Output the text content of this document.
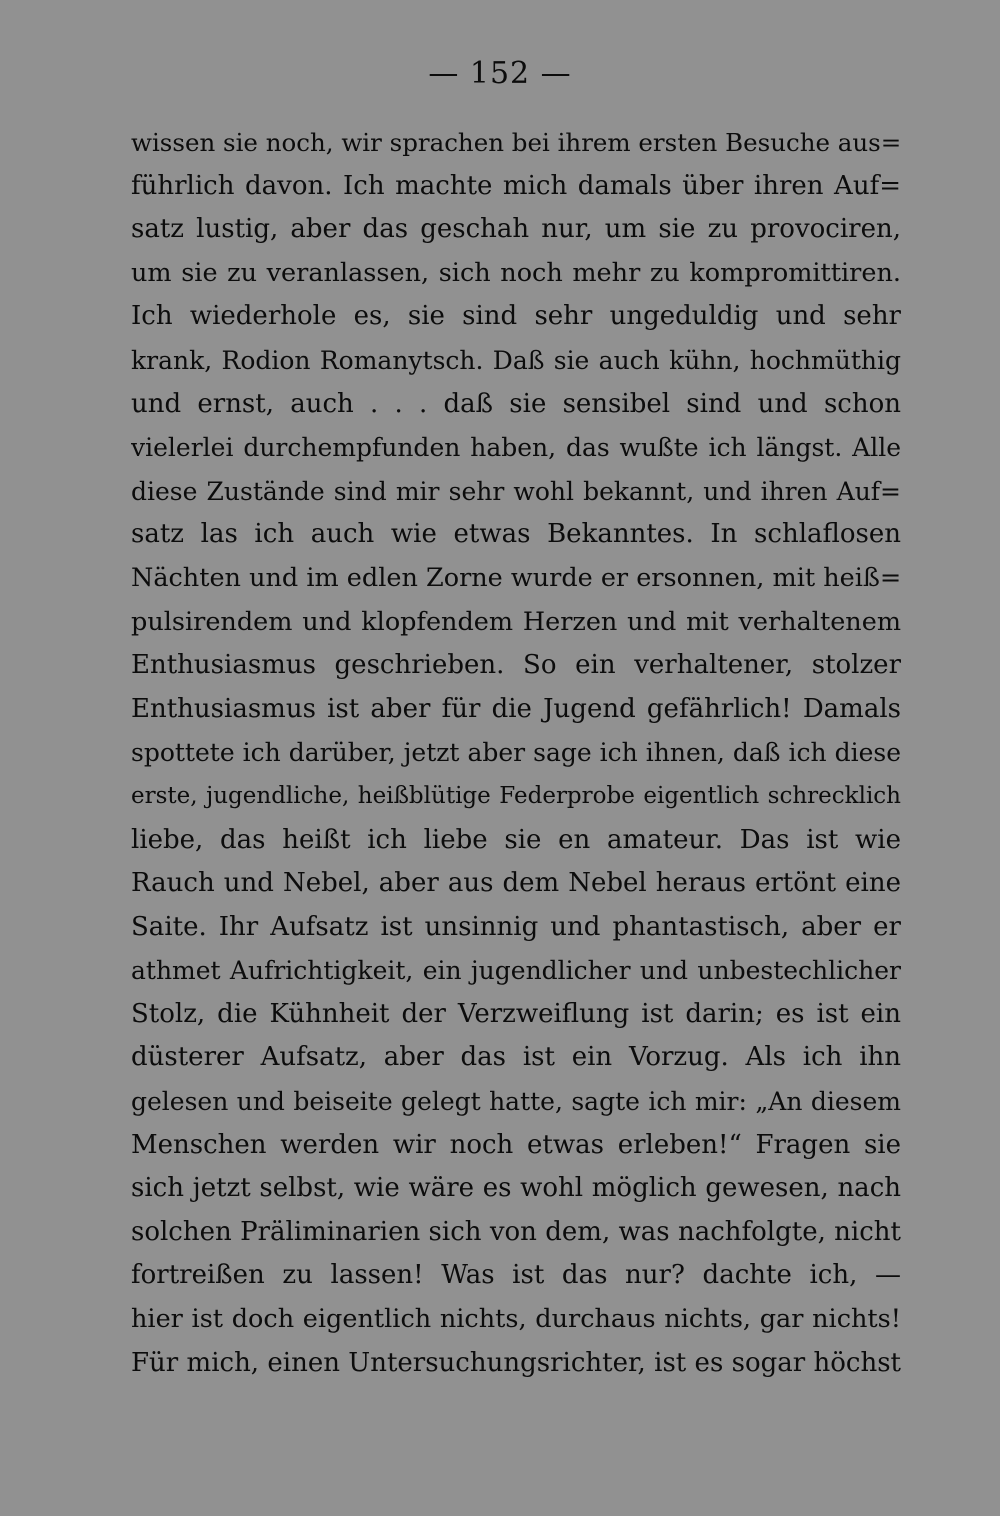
— 152 —
wissen sie noch, wir sprachen bei ihrem ersten Besuche aus=
führlich davon. Ich machte mich damals über ihren Auf=
satz lustig, aber das geschah nur, um sie zu provociren,
um sie zu veranlassen, sich noch mehr zu kompromittiren.
Ich wiederhole es, sie sind sehr ungeduldig und sehr
krank, Rodion Romanytsch. Daß sie auch kühn, hochmüthig
und ernst, auch . . . daß sie sensibel sind und schon
vielerlei durchempfunden haben, das wußte ich längst. Alle
diese Zustände sind mir sehr wohl bekannt, und ihren Auf=
satz las ich auch wie etwas Bekanntes. In schlaflosen
Nächten und im edlen Zorne wurde er ersonnen, mit heiß=
pulsirendem und klopfendem Herzen und mit verhaltenem
Enthusiasmus geschrieben. So ein verhaltener, stolzer
Enthusiasmus ist aber für die Jugend gefährlich! Damals
spottete ich darüber, jetzt aber sage ich ihnen, daß ich diese
erste, jugendliche, heißblütige Federprobe eigentlich schrecklich
liebe, das heißt ich liebe sie en amateur. Das ist wie
Rauch und Nebel, aber aus dem Nebel heraus ertönt eine
Saite. Ihr Aufsatz ist unsinnig und phantastisch, aber er
athmet Aufrichtigkeit, ein jugendlicher und unbestechlicher
Stolz, die Kühnheit der Verzweiflung ist darin; es ist ein
düsterer Aufsatz, aber das ist ein Vorzug. Als ich ihn
gelesen und beiseite gelegt hatte, sagte ich mir: „An diesem
Menschen werden wir noch etwas erleben!“ Fragen sie
sich jetzt selbst, wie wäre es wohl möglich gewesen, nach
solchen Präliminarien sich von dem, was nachfolgte, nicht
fortreißen zu lassen! Was ist das nur? dachte ich, —
hier ist doch eigentlich nichts, durchaus nichts, gar nichts!
Für mich, einen Untersuchungsrichter, ist es sogar höchst
